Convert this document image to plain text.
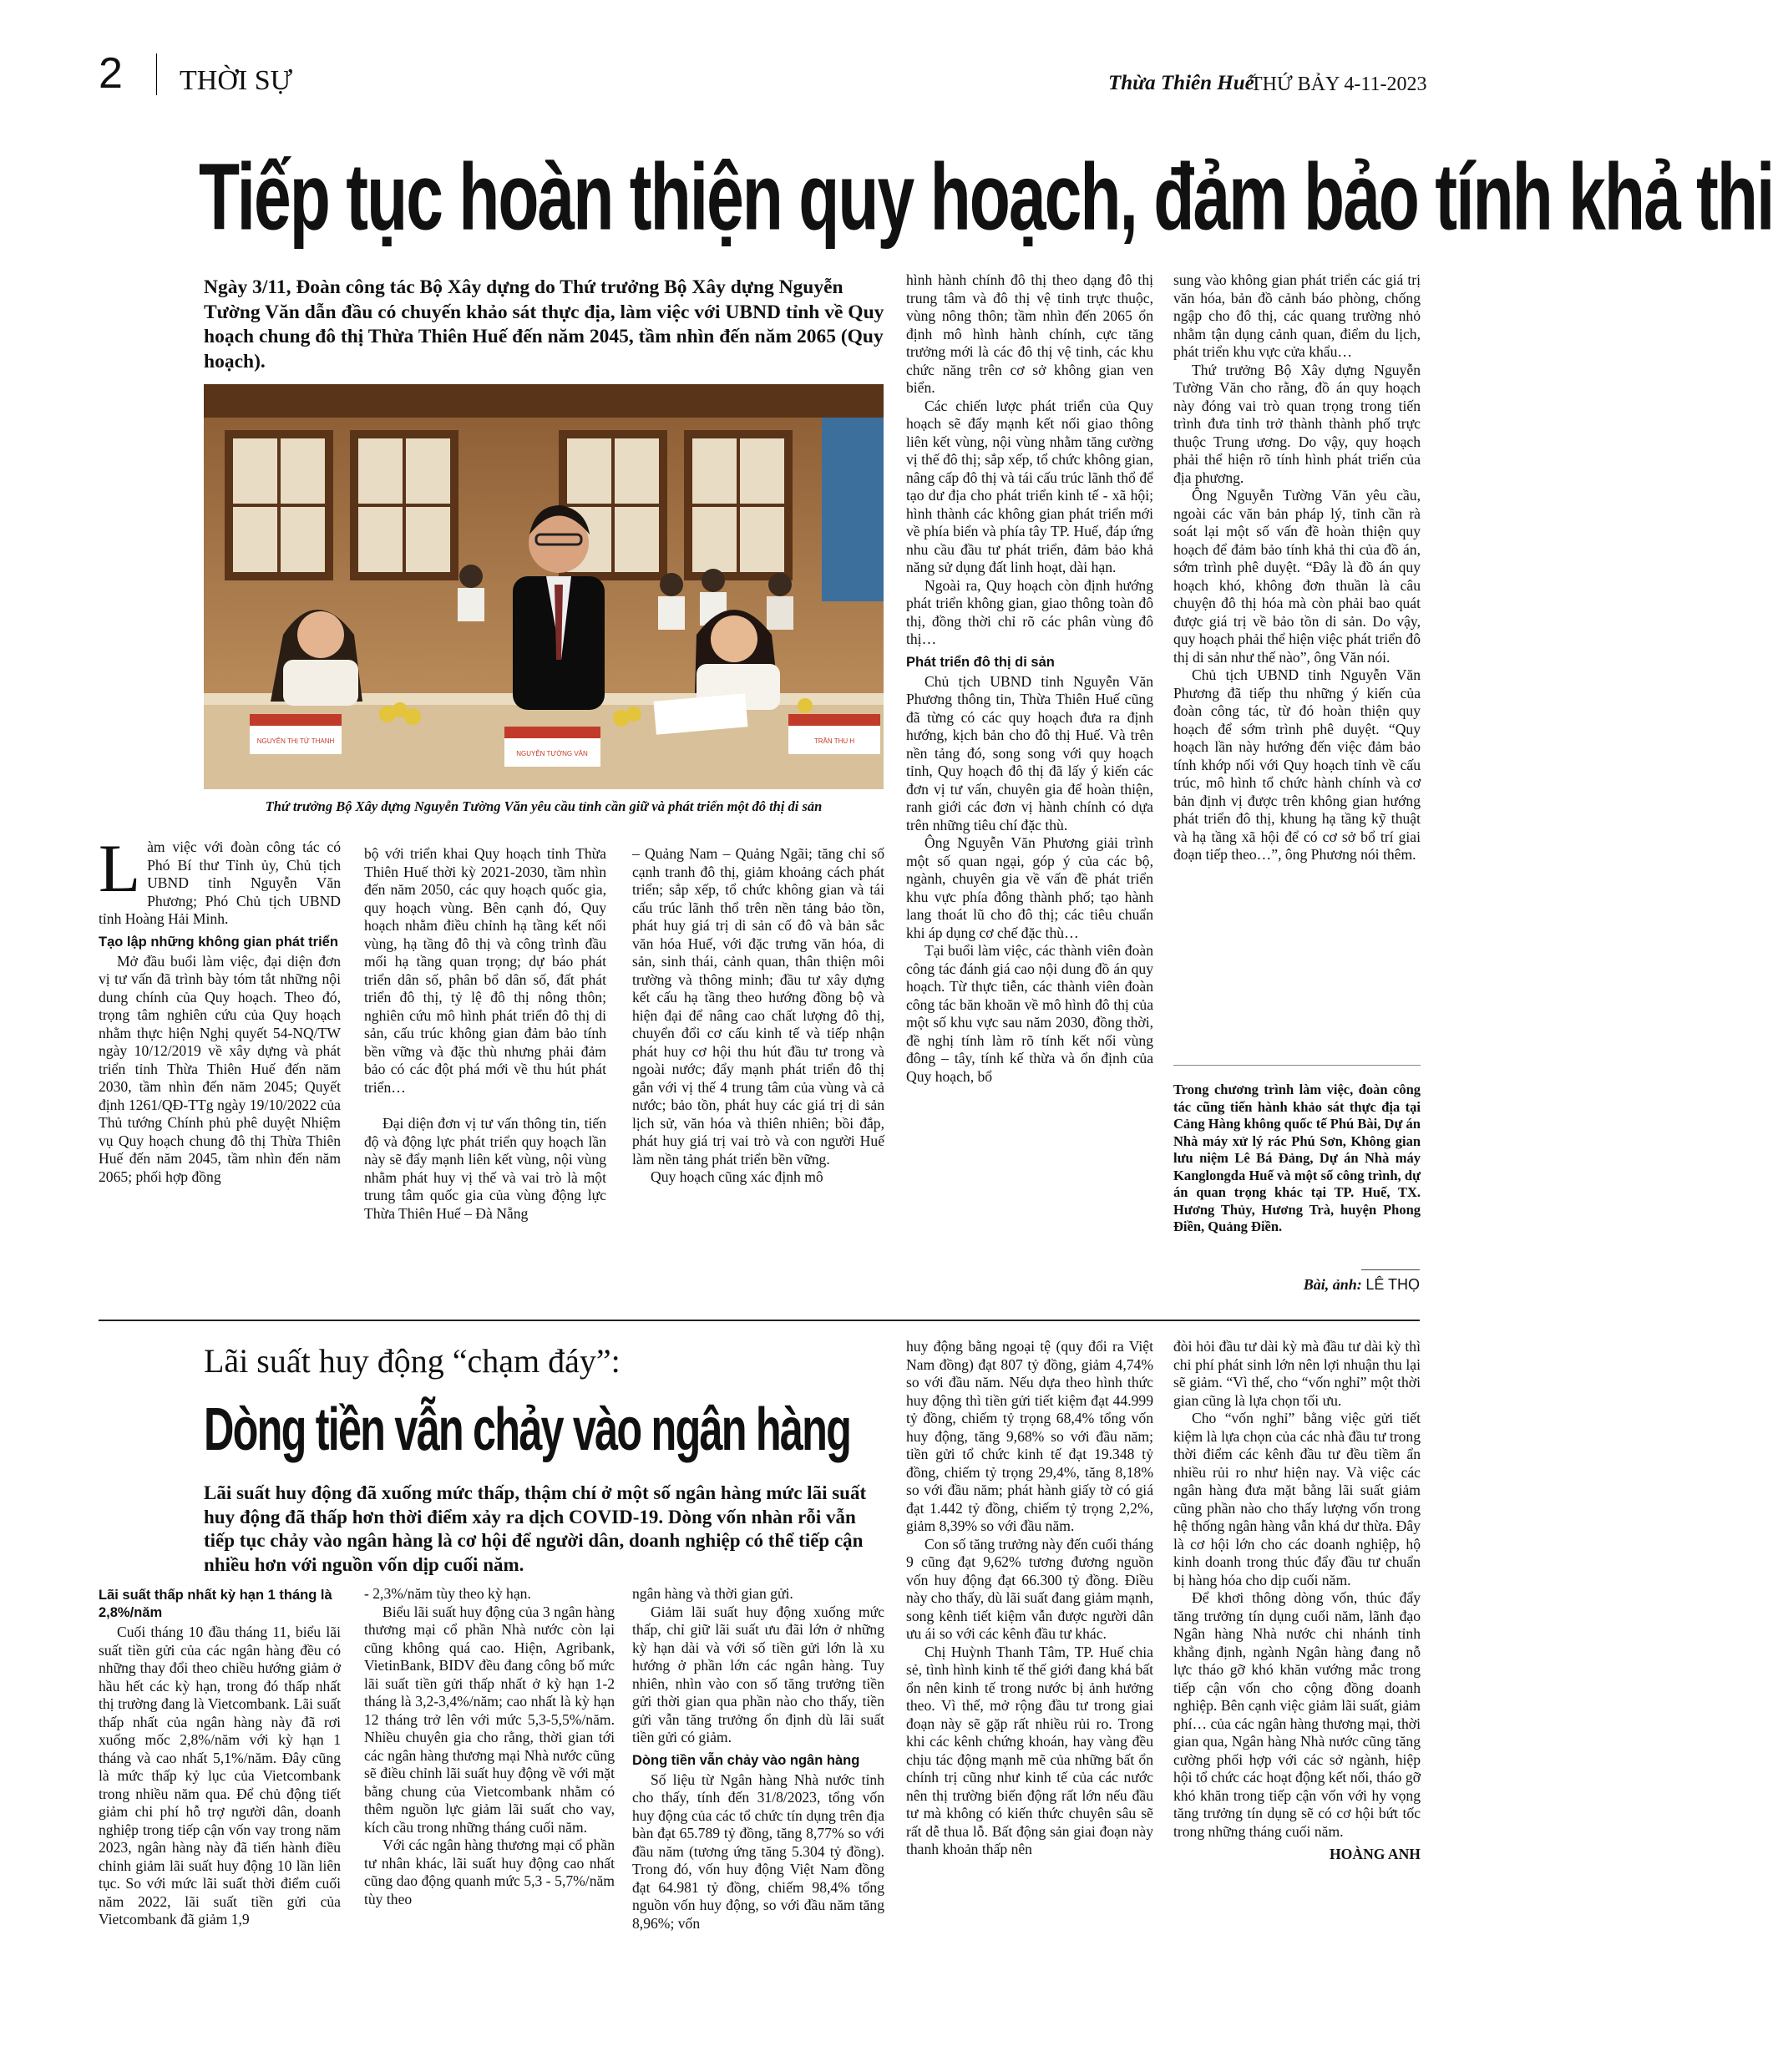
2 THỜI SỰ	Thừa Thiên Huế
THỨ BẢY 4-11-2023
Tiếp tục hoàn thiện quy hoạch, đảm bảo tính khả thi
Ngày 3/11, Đoàn công tác Bộ Xây dựng do Thứ trưởng Bộ Xây dựng Nguyễn Tường Văn dẫn đầu có chuyến khảo sát thực địa, làm việc với UBND tỉnh về Quy hoạch chung đô thị Thừa Thiên Huế đến năm 2045, tầm nhìn đến năm 2065 (Quy hoạch).
NGUYỄN THỊ TỨ THANH
NGUYỄN TƯỜNG VĂN
TRẦN THU H
Thứ trưởng Bộ Xây dựng Nguyễn Tường Văn yêu cầu tỉnh cần giữ và phát triển một đô thị di sản

Làm việc với đoàn công tác có Phó Bí thư Tỉnh ủy, Chủ tịch UBND tỉnh Nguyễn Văn Phương; Phó Chủ tịch UBND tỉnh Hoàng Hải Minh.

Tạo lập những không gian phát triển

Mở đầu buổi làm việc, đại diện đơn vị tư vấn đã trình bày tóm tắt những nội dung chính của Quy hoạch. Theo đó, trọng tâm nghiên cứu của Quy hoạch nhằm thực hiện Nghị quyết 54-NQ/TW ngày 10/12/2019 về xây dựng và phát triển tỉnh Thừa Thiên Huế đến năm 2030, tầm nhìn đến năm 2045; Quyết định 1261/QĐ-TTg ngày 19/10/2022 của Thủ tướng Chính phủ phê duyệt Nhiệm vụ Quy hoạch chung đô thị Thừa Thiên Huế đến năm 2045, tầm nhìn đến năm 2065; phối hợp đồng

bộ với triển khai Quy hoạch tỉnh Thừa Thiên Huế thời kỳ 2021-2030, tầm nhìn đến năm 2050, các quy hoạch quốc gia, quy hoạch vùng. Bên cạnh đó, Quy hoạch nhằm điều chỉnh hạ tầng kết nối vùng, hạ tầng đô thị và công trình đầu mối hạ tầng quan trọng; dự báo phát triển dân số, phân bổ dân số, đất phát triển đô thị, tỷ lệ đô thị nông thôn; nghiên cứu mô hình phát triển đô thị di sản, cấu trúc không gian đảm bảo tính bền vững và đặc thù nhưng phải đảm bảo có các đột phá mới về thu hút phát triển…

Đại diện đơn vị tư vấn thông tin, tiến độ và động lực phát triển quy hoạch lần này sẽ đẩy mạnh liên kết vùng, nội vùng nhằm phát huy vị thế và vai trò là một trung tâm quốc gia của vùng động lực Thừa Thiên Huế – Đà Nẵng

– Quảng Nam – Quảng Ngãi; tăng chỉ số cạnh tranh đô thị, giảm khoảng cách phát triển; sắp xếp, tổ chức không gian và tái cấu trúc lãnh thổ trên nền tảng bảo tồn, phát huy giá trị di sản cố đô và bản sắc văn hóa Huế, với đặc trưng văn hóa, di sản, sinh thái, cảnh quan, thân thiện môi trường và thông minh; đầu tư xây dựng kết cấu hạ tầng theo hướng đồng bộ và hiện đại để nâng cao chất lượng đô thị, chuyển đổi cơ cấu kinh tế và tiếp nhận phát huy cơ hội thu hút đầu tư trong và ngoài nước; đẩy mạnh phát triển đô thị gắn với vị thế 4 trung tâm của vùng và cả nước; bảo tồn, phát huy các giá trị di sản lịch sử, văn hóa và thiên nhiên; bồi đắp, phát huy giá trị vai trò và con người Huế làm nền tảng phát triển bền vững.

Quy hoạch cũng xác định mô

hình hành chính đô thị theo dạng đô thị trung tâm và đô thị vệ tinh trực thuộc, vùng nông thôn; tầm nhìn đến 2065 ổn định mô hình hành chính, cực tăng trưởng mới là các đô thị vệ tinh, các khu chức năng trên cơ sở không gian ven biển.

Các chiến lược phát triển của Quy hoạch sẽ đẩy mạnh kết nối giao thông liên kết vùng, nội vùng nhằm tăng cường vị thế đô thị; sắp xếp, tổ chức không gian, nâng cấp đô thị và tái cấu trúc lãnh thổ để tạo dư địa cho phát triển kinh tế - xã hội; hình thành các không gian phát triển mới về phía biển và phía tây TP. Huế, đáp ứng nhu cầu đầu tư phát triển, đảm bảo khả năng sử dụng đất linh hoạt, dài hạn.

Ngoài ra, Quy hoạch còn định hướng phát triển không gian, giao thông toàn đô thị, đồng thời chỉ rõ các phân vùng đô thị…

Phát triển đô thị di sản

Chủ tịch UBND tỉnh Nguyễn Văn Phương thông tin, Thừa Thiên Huế cũng đã từng có các quy hoạch đưa ra định hướng, kịch bản cho đô thị Huế. Và trên nền tảng đó, song song với quy hoạch tỉnh, Quy hoạch đô thị đã lấy ý kiến các đơn vị tư vấn, chuyên gia để hoàn thiện, ranh giới các đơn vị hành chính có dựa trên những tiêu chí đặc thù.

Ông Nguyễn Văn Phương giải trình một số quan ngại, góp ý của các bộ, ngành, chuyên gia về vấn đề phát triển khu vực phía đông thành phố; tạo hành lang thoát lũ cho đô thị; các tiêu chuẩn khi áp dụng cơ chế đặc thù…

Tại buổi làm việc, các thành viên đoàn công tác đánh giá cao nội dung đồ án quy hoạch. Từ thực tiễn, các thành viên đoàn công tác băn khoăn về mô hình đô thị của một số khu vực sau năm 2030, đồng thời, đề nghị tính làm rõ tính kết nối vùng đông – tây, tính kế thừa và ổn định của Quy hoạch, bổ

sung vào không gian phát triển các giá trị văn hóa, bản đồ cảnh báo phòng, chống ngập cho đô thị, các quang trường nhỏ nhằm tận dụng cảnh quan, điểm du lịch, phát triển khu vực cửa khẩu…

Thứ trưởng Bộ Xây dựng Nguyễn Tường Văn cho rằng, đồ án quy hoạch này đóng vai trò quan trọng trong tiến trình đưa tỉnh trở thành thành phố trực thuộc Trung ương. Do vậy, quy hoạch phải thể hiện rõ tính hình phát triển của địa phương.

Ông Nguyễn Tường Văn yêu cầu, ngoài các văn bản pháp lý, tỉnh cần rà soát lại một số vấn đề hoàn thiện quy hoạch để đảm bảo tính khả thi của đồ án, sớm trình phê duyệt. “Đây là đồ án quy hoạch khó, không đơn thuần là câu chuyện đô thị hóa mà còn phải bao quát được giá trị về bảo tồn di sản. Do vậy, quy hoạch phải thể hiện việc phát triển đô thị di sản như thế nào”, ông Văn nói.

Chủ tịch UBND tỉnh Nguyễn Văn Phương đã tiếp thu những ý kiến của đoàn công tác, từ đó hoàn thiện quy hoạch để sớm trình phê duyệt. “Quy hoạch lần này hướng đến việc đảm bảo tính khớp nối với Quy hoạch tỉnh về cấu trúc, mô hình tổ chức hành chính và cơ bản định vị được trên không gian hướng phát triển đô thị, khung hạ tầng kỹ thuật và hạ tầng xã hội để có cơ sở bổ trí giai đoạn tiếp theo…”, ông Phương nói thêm.

Trong chương trình làm việc, đoàn công tác cũng tiến hành khảo sát thực địa tại Cảng Hàng không quốc tế Phú Bài, Dự án Nhà máy xử lý rác Phú Sơn, Không gian lưu niệm Lê Bá Đảng, Dự án Nhà máy Kanglongda Huế và một số công trình, dự án quan trọng khác tại TP. Huế, TX. Hương Thủy, Hương Trà, huyện Phong Điền, Quảng Điền.
Bài, ảnh: LÊ THỌ
Lãi suất huy động “chạm đáy”:
Dòng tiền vẫn chảy vào ngân hàng
Lãi suất huy động đã xuống mức thấp, thậm chí ở một số ngân hàng mức lãi suất huy động đã thấp hơn thời điểm xảy ra dịch COVID-19. Dòng vốn nhàn rỗi vẫn tiếp tục chảy vào ngân hàng là cơ hội để người dân, doanh nghiệp có thể tiếp cận nhiều hơn với nguồn vốn dịp cuối năm.
Lãi suất thấp nhất kỳ hạn 1 tháng là 2,8%/năm

Cuối tháng 10 đầu tháng 11, biểu lãi suất tiền gửi của các ngân hàng đều có những thay đổi theo chiều hướng giảm ở hầu hết các kỳ hạn, trong đó thấp nhất thị trường đang là Vietcombank. Lãi suất thấp nhất của ngân hàng này đã rơi xuống mốc 2,8%/năm với kỳ hạn 1 tháng và cao nhất 5,1%/năm. Đây cũng là mức thấp kỷ lục của Vietcombank trong nhiều năm qua. Để chủ động tiết giảm chi phí hỗ trợ người dân, doanh nghiệp trong tiếp cận vốn vay trong năm 2023, ngân hàng này đã tiến hành điều chỉnh giảm lãi suất huy động 10 lần liên tục. So với mức lãi suất thời điểm cuối năm 2022, lãi suất tiền gửi của Vietcombank đã giảm 1,9

- 2,3%/năm tùy theo kỳ hạn.

Biểu lãi suất huy động của 3 ngân hàng thương mại cổ phần Nhà nước còn lại cũng không quá cao. Hiện, Agribank, VietinBank, BIDV đều đang công bố mức lãi suất tiền gửi thấp nhất ở kỳ hạn 1-2 tháng là 3,2-3,4%/năm; cao nhất là kỳ hạn 12 tháng trở lên với mức 5,3-5,5%/năm. Nhiều chuyên gia cho rằng, thời gian tới các ngân hàng thương mại Nhà nước cũng sẽ điều chỉnh lãi suất huy động về với mặt bằng chung của Vietcombank nhằm có thêm nguồn lực giảm lãi suất cho vay, kích cầu trong những tháng cuối năm.

Với các ngân hàng thương mại cổ phần tư nhân khác, lãi suất huy động cao nhất cũng dao động quanh mức 5,3 - 5,7%/năm tùy theo

ngân hàng và thời gian gửi.

Giảm lãi suất huy động xuống mức thấp, chỉ giữ lãi suất ưu đãi lớn ở những kỳ hạn dài và với số tiền gửi lớn là xu hướng ở phần lớn các ngân hàng. Tuy nhiên, nhìn vào con số tăng trưởng tiền gửi thời gian qua phần nào cho thấy, tiền gửi vẫn tăng trưởng ổn định dù lãi suất tiền gửi có giảm.

Dòng tiền vẫn chảy vào ngân hàng

Số liệu từ Ngân hàng Nhà nước tỉnh cho thấy, tính đến 31/8/2023, tổng vốn huy động của các tổ chức tín dụng trên địa bàn đạt 65.789 tỷ đồng, tăng 8,77% so với đầu năm (tương ứng tăng 5.304 tỷ đồng). Trong đó, vốn huy động Việt Nam đồng đạt 64.981 tỷ đồng, chiếm 98,4% tổng nguồn vốn huy động, so với đầu năm tăng 8,96%; vốn

huy động bằng ngoại tệ (quy đổi ra Việt Nam đồng) đạt 807 tỷ đồng, giảm 4,74% so với đầu năm. Nếu dựa theo hình thức huy động thì tiền gửi tiết kiệm đạt 44.999 tỷ đồng, chiếm tỷ trọng 68,4% tổng vốn huy động, tăng 9,68% so với đầu năm; tiền gửi tổ chức kinh tế đạt 19.348 tỷ đồng, chiếm tỷ trọng 29,4%, tăng 8,18% so với đầu năm; phát hành giấy tờ có giá đạt 1.442 tỷ đồng, chiếm tỷ trọng 2,2%, giảm 8,39% so với đầu năm.

Con số tăng trưởng này đến cuối tháng 9 cũng đạt 9,62% tương đương nguồn vốn huy động đạt 66.300 tỷ đồng. Điều này cho thấy, dù lãi suất đang giảm mạnh, song kênh tiết kiệm vẫn được người dân ưu ái so với các kênh đầu tư khác.

Chị Huỳnh Thanh Tâm, TP. Huế chia sẻ, tình hình kinh tế thế giới đang khá bất ổn nên kinh tế trong nước bị ảnh hưởng theo. Vì thế, mở rộng đầu tư trong giai đoạn này sẽ gặp rất nhiều rủi ro. Trong khi các kênh chứng khoán, hay vàng đều chịu tác động mạnh mẽ của những bất ổn chính trị cũng như kinh tế của các nước nên thị trường biến động rất lớn nếu đầu tư mà không có kiến thức chuyên sâu sẽ rất dễ thua lỗ. Bất động sản giai đoạn này thanh khoản thấp nên

đòi hỏi đầu tư dài kỳ mà đầu tư dài kỳ thì chi phí phát sinh lớn nên lợi nhuận thu lại sẽ giảm. “Vì thế, cho “vốn nghỉ” một thời gian cũng là lựa chọn tối ưu.

Cho “vốn nghỉ” bằng việc gửi tiết kiệm là lựa chọn của các nhà đầu tư trong thời điểm các kênh đầu tư đều tiềm ẩn nhiều rủi ro như hiện nay. Và việc các ngân hàng đưa mặt bằng lãi suất giảm cũng phần nào cho thấy lượng vốn trong hệ thống ngân hàng vẫn khá dư thừa. Đây là cơ hội lớn cho các doanh nghiệp, hộ kinh doanh trong thúc đẩy đầu tư chuẩn bị hàng hóa cho dịp cuối năm.

Để khơi thông dòng vốn, thúc đẩy tăng trưởng tín dụng cuối năm, lãnh đạo Ngân hàng Nhà nước chi nhánh tỉnh khẳng định, ngành Ngân hàng đang nỗ lực tháo gỡ khó khăn vướng mắc trong tiếp cận vốn cho cộng đồng doanh nghiệp. Bên cạnh việc giảm lãi suất, giảm phí… của các ngân hàng thương mại, thời gian qua, Ngân hàng Nhà nước cũng tăng cường phối hợp với các sở ngành, hiệp hội tổ chức các hoạt động kết nối, tháo gỡ khó khăn trong tiếp cận vốn với hy vọng tăng trưởng tín dụng sẽ có cơ hội bứt tốc trong những tháng cuối năm.

HOÀNG ANH
